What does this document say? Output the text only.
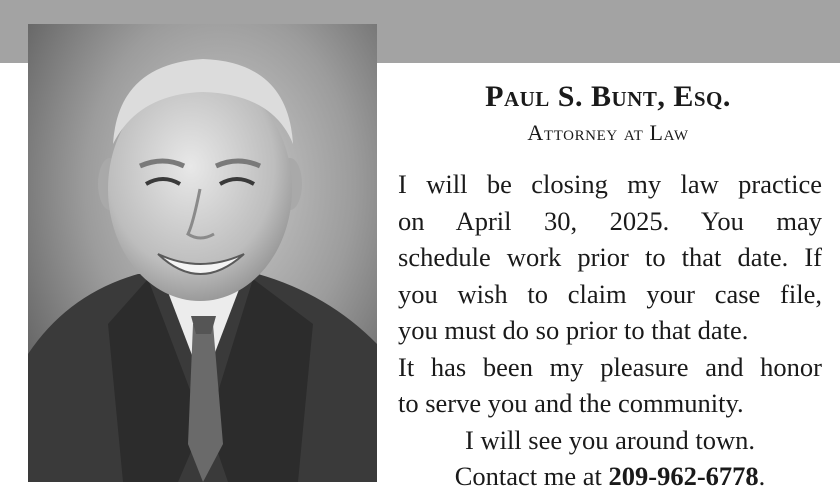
Paul S. Bunt, Esq.
Attorney at Law
I will be closing my law practice
on April 30, 2025. You may
schedule work prior to that date. If
you wish to claim your case file,
you must do so prior to that date.
It has been my pleasure and honor
to serve you and the community.
I will see you around town.
Contact me at 209-962-6778.
